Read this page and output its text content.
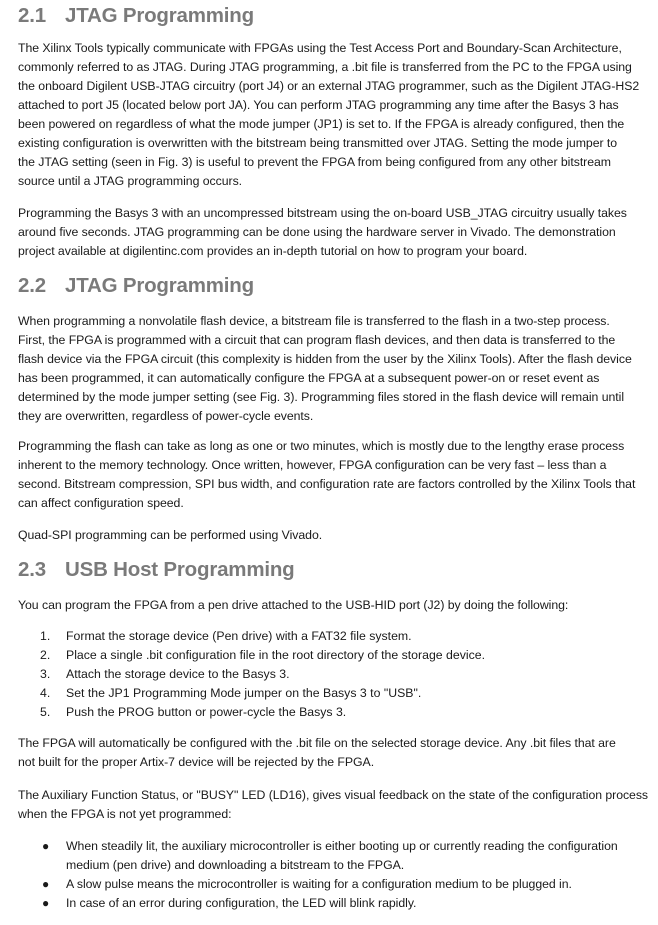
2.1 JTAG Programming
The Xilinx Tools typically communicate with FPGAs using the Test Access Port and Boundary-Scan Architecture,
commonly referred to as JTAG. During JTAG programming, a .bit file is transferred from the PC to the FPGA using
the onboard Digilent USB-JTAG circuitry (port J4) or an external JTAG programmer, such as the Digilent JTAG-HS2
attached to port J5 (located below port JA). You can perform JTAG programming any time after the Basys 3 has
been powered on regardless of what the mode jumper (JP1) is set to. If the FPGA is already configured, then the
existing configuration is overwritten with the bitstream being transmitted over JTAG. Setting the mode jumper to
the JTAG setting (seen in Fig. 3) is useful to prevent the FPGA from being configured from any other bitstream
source until a JTAG programming occurs.
Programming the Basys 3 with an uncompressed bitstream using the on-board USB_JTAG circuitry usually takes
around five seconds. JTAG programming can be done using the hardware server in Vivado. The demonstration
project available at digilentinc.com provides an in-depth tutorial on how to program your board.
2.2 JTAG Programming
When programming a nonvolatile flash device, a bitstream file is transferred to the flash in a two-step process.
First, the FPGA is programmed with a circuit that can program flash devices, and then data is transferred to the
flash device via the FPGA circuit (this complexity is hidden from the user by the Xilinx Tools). After the flash device
has been programmed, it can automatically configure the FPGA at a subsequent power-on or reset event as
determined by the mode jumper setting (see Fig. 3). Programming files stored in the flash device will remain until
they are overwritten, regardless of power-cycle events.
Programming the flash can take as long as one or two minutes, which is mostly due to the lengthy erase process
inherent to the memory technology. Once written, however, FPGA configuration can be very fast – less than a
second. Bitstream compression, SPI bus width, and configuration rate are factors controlled by the Xilinx Tools that
can affect configuration speed.
Quad-SPI programming can be performed using Vivado.
2.3 USB Host Programming
You can program the FPGA from a pen drive attached to the USB-HID port (J2) by doing the following:
1. Format the storage device (Pen drive) with a FAT32 file system.
2. Place a single .bit configuration file in the root directory of the storage device.
3. Attach the storage device to the Basys 3.
4. Set the JP1 Programming Mode jumper on the Basys 3 to "USB".
5. Push the PROG button or power-cycle the Basys 3.
The FPGA will automatically be configured with the .bit file on the selected storage device. Any .bit files that are
not built for the proper Artix-7 device will be rejected by the FPGA.
The Auxiliary Function Status, or "BUSY" LED (LD16), gives visual feedback on the state of the configuration process
when the FPGA is not yet programmed:
● When steadily lit, the auxiliary microcontroller is either booting up or currently reading the configuration
medium (pen drive) and downloading a bitstream to the FPGA.
● A slow pulse means the microcontroller is waiting for a configuration medium to be plugged in.
● In case of an error during configuration, the LED will blink rapidly.
